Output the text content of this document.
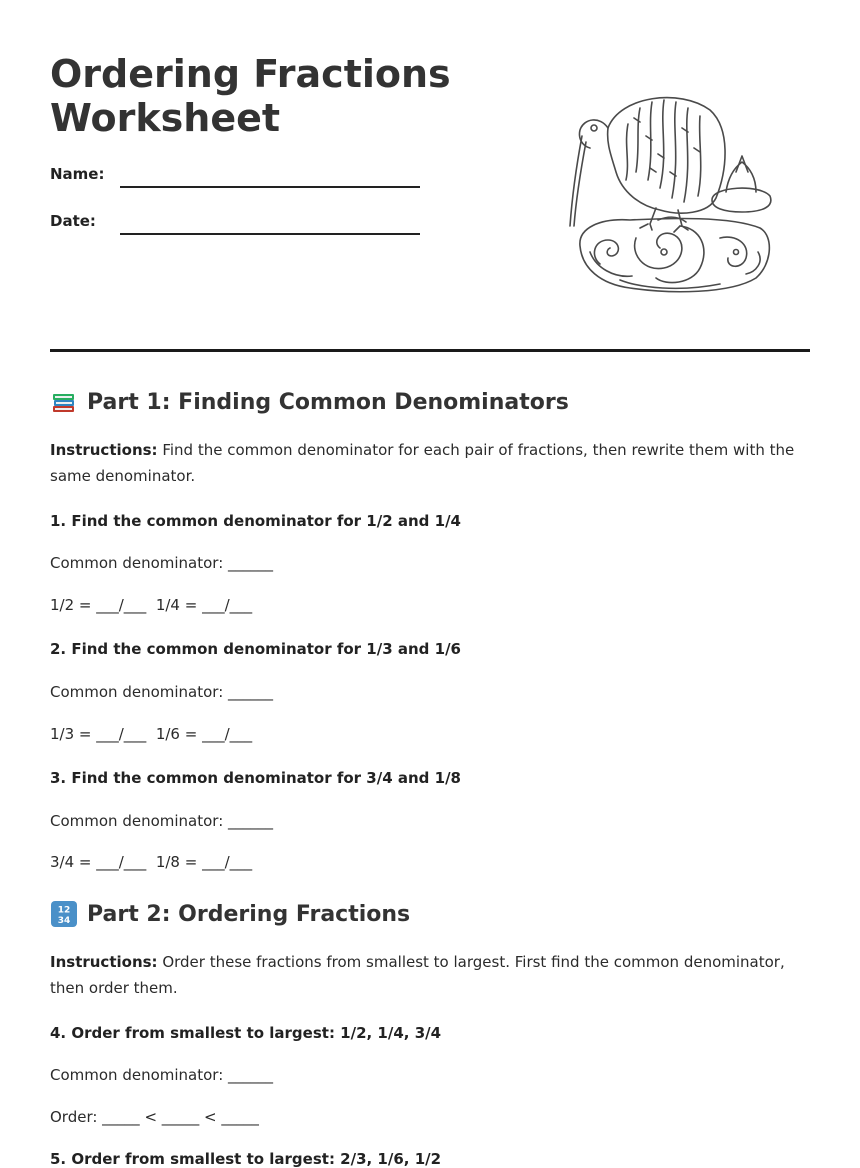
Ordering Fractions
Worksheet
Name:
Date:
Part 1: Finding Common Denominators

Instructions: Find the common denominator for each pair of fractions, then rewrite them with the same denominator.

1. Find the common denominator for 1/2 and 1/4

Common denominator: ______

1/2 = ___/___  1/4 = ___/___

2. Find the common denominator for 1/3 and 1/6

Common denominator: ______

1/3 = ___/___  1/6 = ___/___

3. Find the common denominator for 3/4 and 1/8

Common denominator: ______

3/4 = ___/___  1/8 = ___/___

12
34 Part 2: Ordering Fractions

Instructions: Order these fractions from smallest to largest. First find the common denominator, then order them.

4. Order from smallest to largest: 1/2, 1/4, 3/4

Common denominator: ______

Order: _____ < _____ < _____

5. Order from smallest to largest: 2/3, 1/6, 1/2
